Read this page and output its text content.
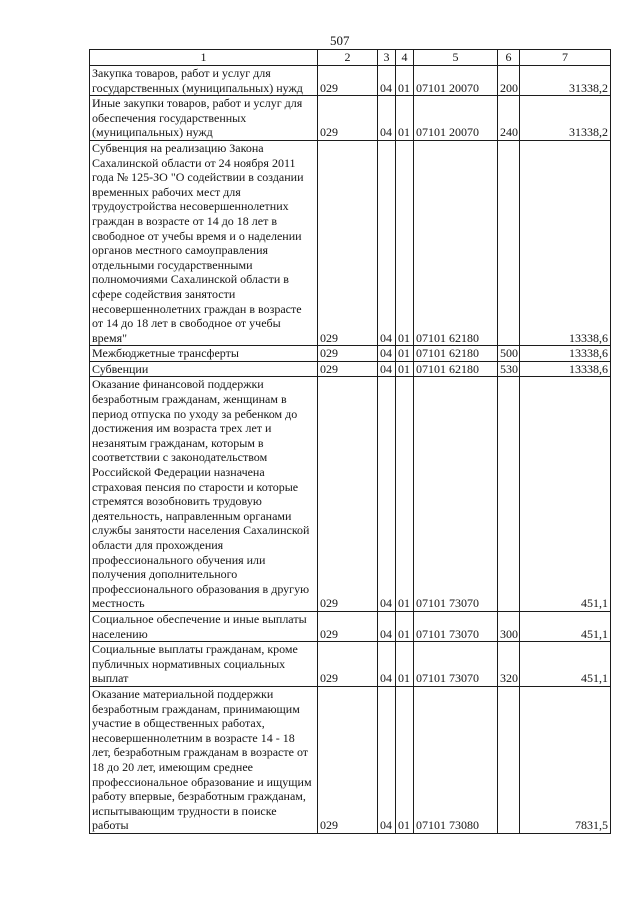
507
1	2	3	4	5	6	7
Закупка товаров, работ и услуг для государственных (муниципальных) нужд	029	04	01	07101 20070	200	31338,2
Иные закупки товаров, работ и услуг для обеспечения государственных (муниципальных) нужд	029	04	01	07101 20070	240	31338,2
Субвенция на реализацию Закона Сахалинской области от 24 ноября 2011 года № 125-ЗО "О содействии в создании временных рабочих мест для трудоустройства несовершеннолетних граждан в возрасте от 14 до 18 лет в свободное от учебы время и о наделении органов местного самоуправления отдельными государственными полномочиями Сахалинской области в сфере содействия занятости несовершеннолетних граждан в возрасте от 14 до 18 лет в свободное от учебы время"	029	04	01	07101 62180		13338,6
Межбюджетные трансферты	029	04	01	07101 62180	500	13338,6
Субвенции	029	04	01	07101 62180	530	13338,6
Оказание финансовой поддержки безработным гражданам, женщинам в период отпуска по уходу за ребенком до достижения им возраста трех лет и незанятым гражданам, которым в соответствии с законодательством Российской Федерации назначена страховая пенсия по старости и которые стремятся возобновить трудовую деятельность, направленным органами службы занятости населения Сахалинской области для прохождения профессионального обучения или получения дополнительного профессионального образования в другую местность	029	04	01	07101 73070		451,1
Социальное обеспечение и иные выплаты населению	029	04	01	07101 73070	300	451,1
Социальные выплаты гражданам, кроме публичных нормативных социальных выплат	029	04	01	07101 73070	320	451,1
Оказание материальной поддержки безработным гражданам, принимающим участие в общественных работах, несовершеннолетним в возрасте 14 - 18 лет, безработным гражданам в возрасте от 18 до 20 лет, имеющим среднее профессиональное образование и ищущим работу впервые, безработным гражданам, испытывающим трудности в поиске работы	029	04	01	07101 73080		7831,5
